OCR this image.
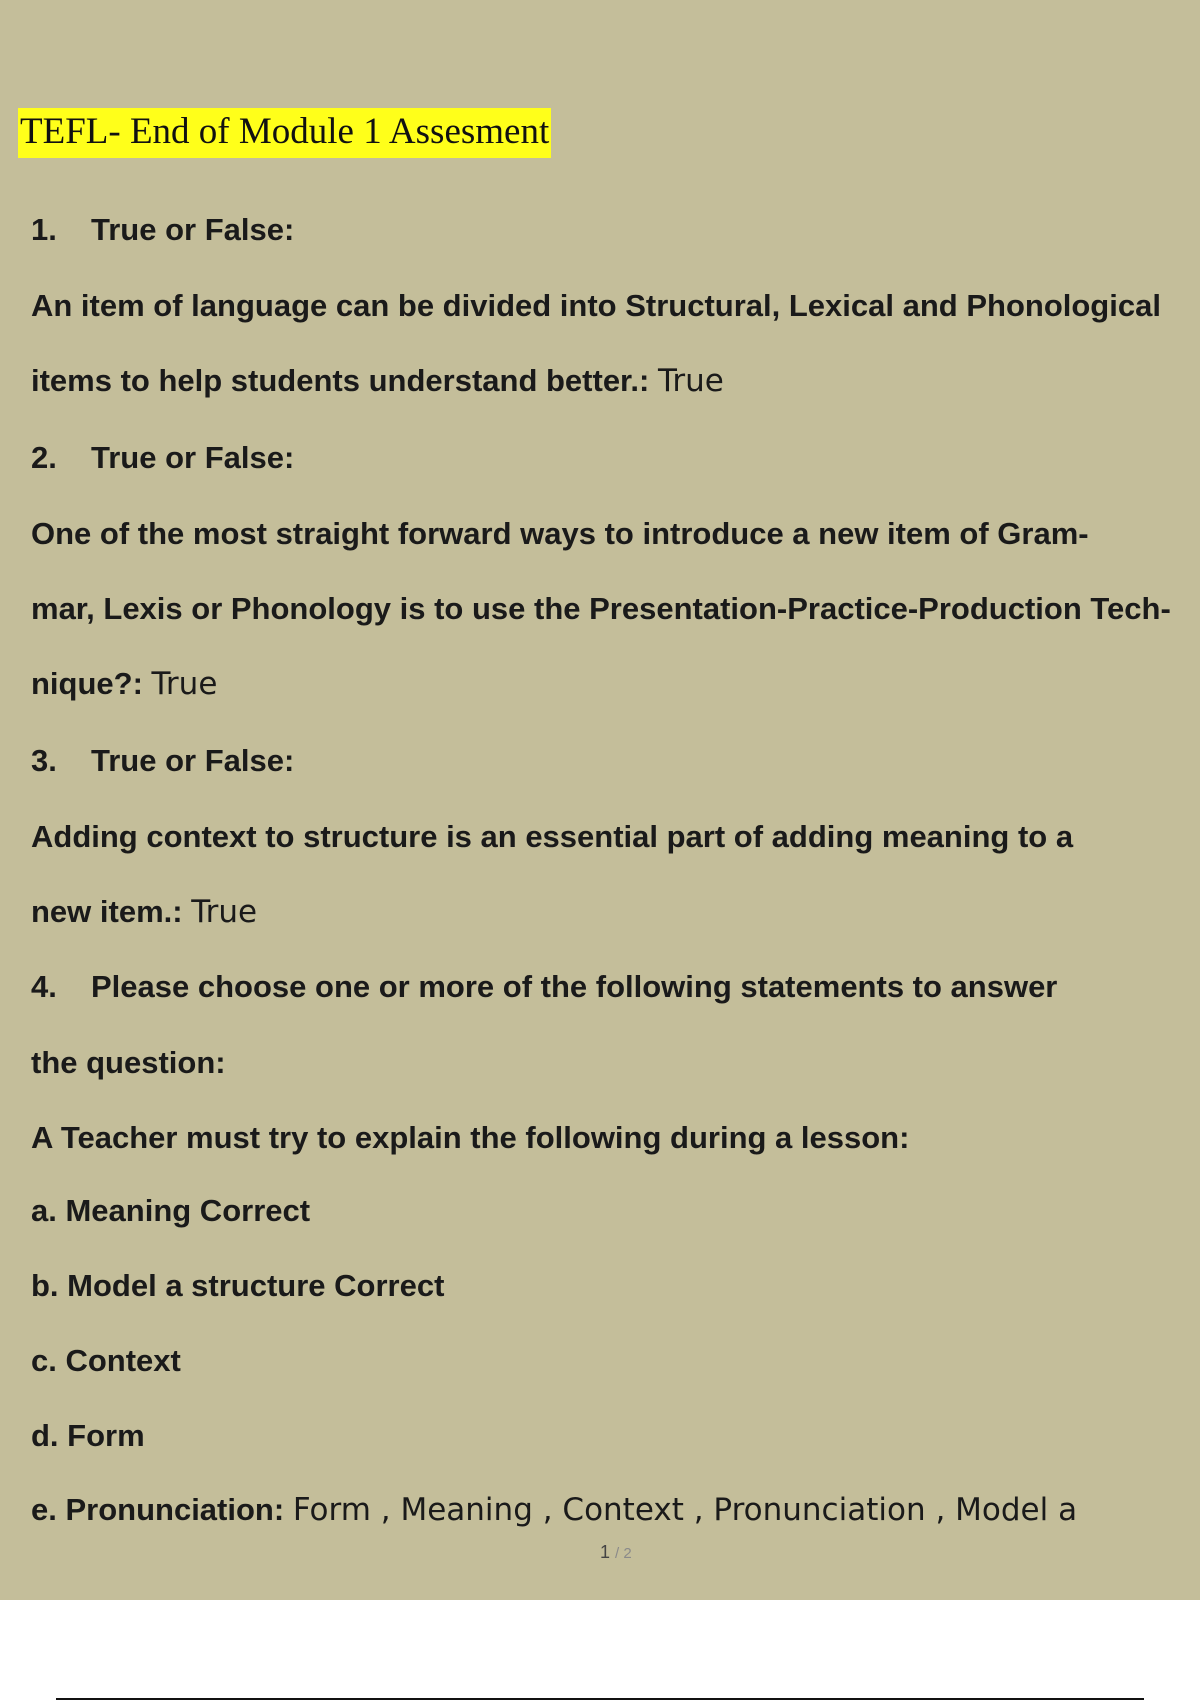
TEFL- End of Module 1 Assesment
1. True or False:
An item of language can be divided into Structural, Lexical and Phonological
items to help students understand better.: True
2. True or False:
One of the most straight forward ways to introduce a new item of Gram-
mar, Lexis or Phonology is to use the Presentation-Practice-Production Tech-
nique?: True
3. True or False:
Adding context to structure is an essential part of adding meaning to a
new item.: True
4. Please choose one or more of the following statements to answer
the question:
A Teacher must try to explain the following during a lesson:
a. Meaning Correct
b. Model a structure Correct
c. Context
d. Form
e. Pronunciation: Form , Meaning , Context , Pronunciation , Model a
1 / 2
